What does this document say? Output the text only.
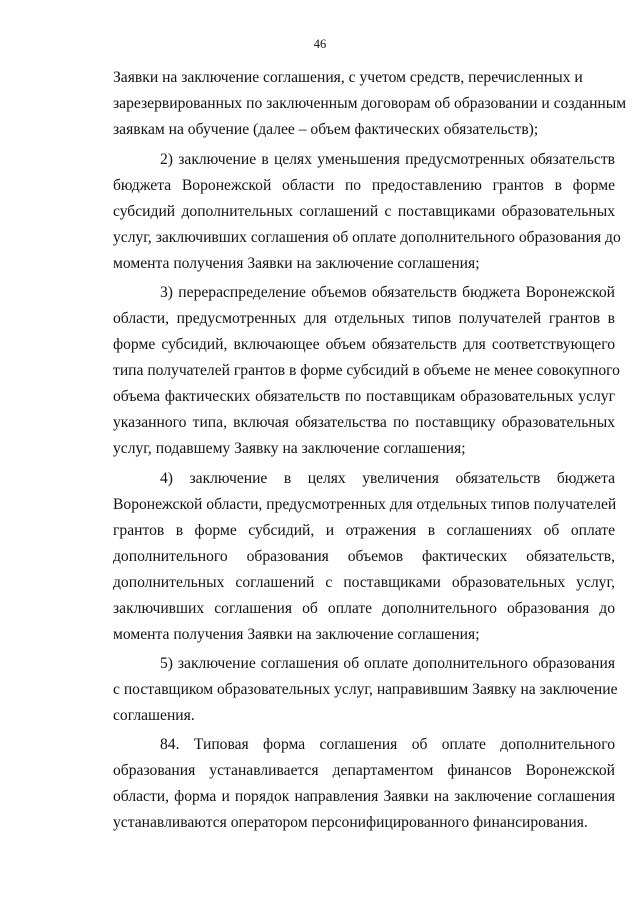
46
Заявки на заключение соглашения, с учетом средств, перечисленных и
зарезервированных по заключенным договорам об образовании и созданным
заявкам на обучение (далее – объем фактических обязательств);
2) заключение в целях уменьшения предусмотренных обязательств
бюджета Воронежской области по предоставлению грантов в форме
субсидий дополнительных соглашений с поставщиками образовательных
услуг, заключивших соглашения об оплате дополнительного образования до
момента получения Заявки на заключение соглашения;
3) перераспределение объемов обязательств бюджета Воронежской
области, предусмотренных для отдельных типов получателей грантов в
форме субсидий, включающее объем обязательств для соответствующего
типа получателей грантов в форме субсидий в объеме не менее совокупного
объема фактических обязательств по поставщикам образовательных услуг
указанного типа, включая обязательства по поставщику образовательных
услуг, подавшему Заявку на заключение соглашения;
4) заключение в целях увеличения обязательств бюджета
Воронежской области, предусмотренных для отдельных типов получателей
грантов в форме субсидий, и отражения в соглашениях об оплате
дополнительного образования объемов фактических обязательств,
дополнительных соглашений с поставщиками образовательных услуг,
заключивших соглашения об оплате дополнительного образования до
момента получения Заявки на заключение соглашения;
5) заключение соглашения об оплате дополнительного образования
с поставщиком образовательных услуг, направившим Заявку на заключение
соглашения.
84. Типовая форма соглашения об оплате дополнительного
образования устанавливается департаментом финансов Воронежской
области, форма и порядок направления Заявки на заключение соглашения
устанавливаются оператором персонифицированного финансирования.
